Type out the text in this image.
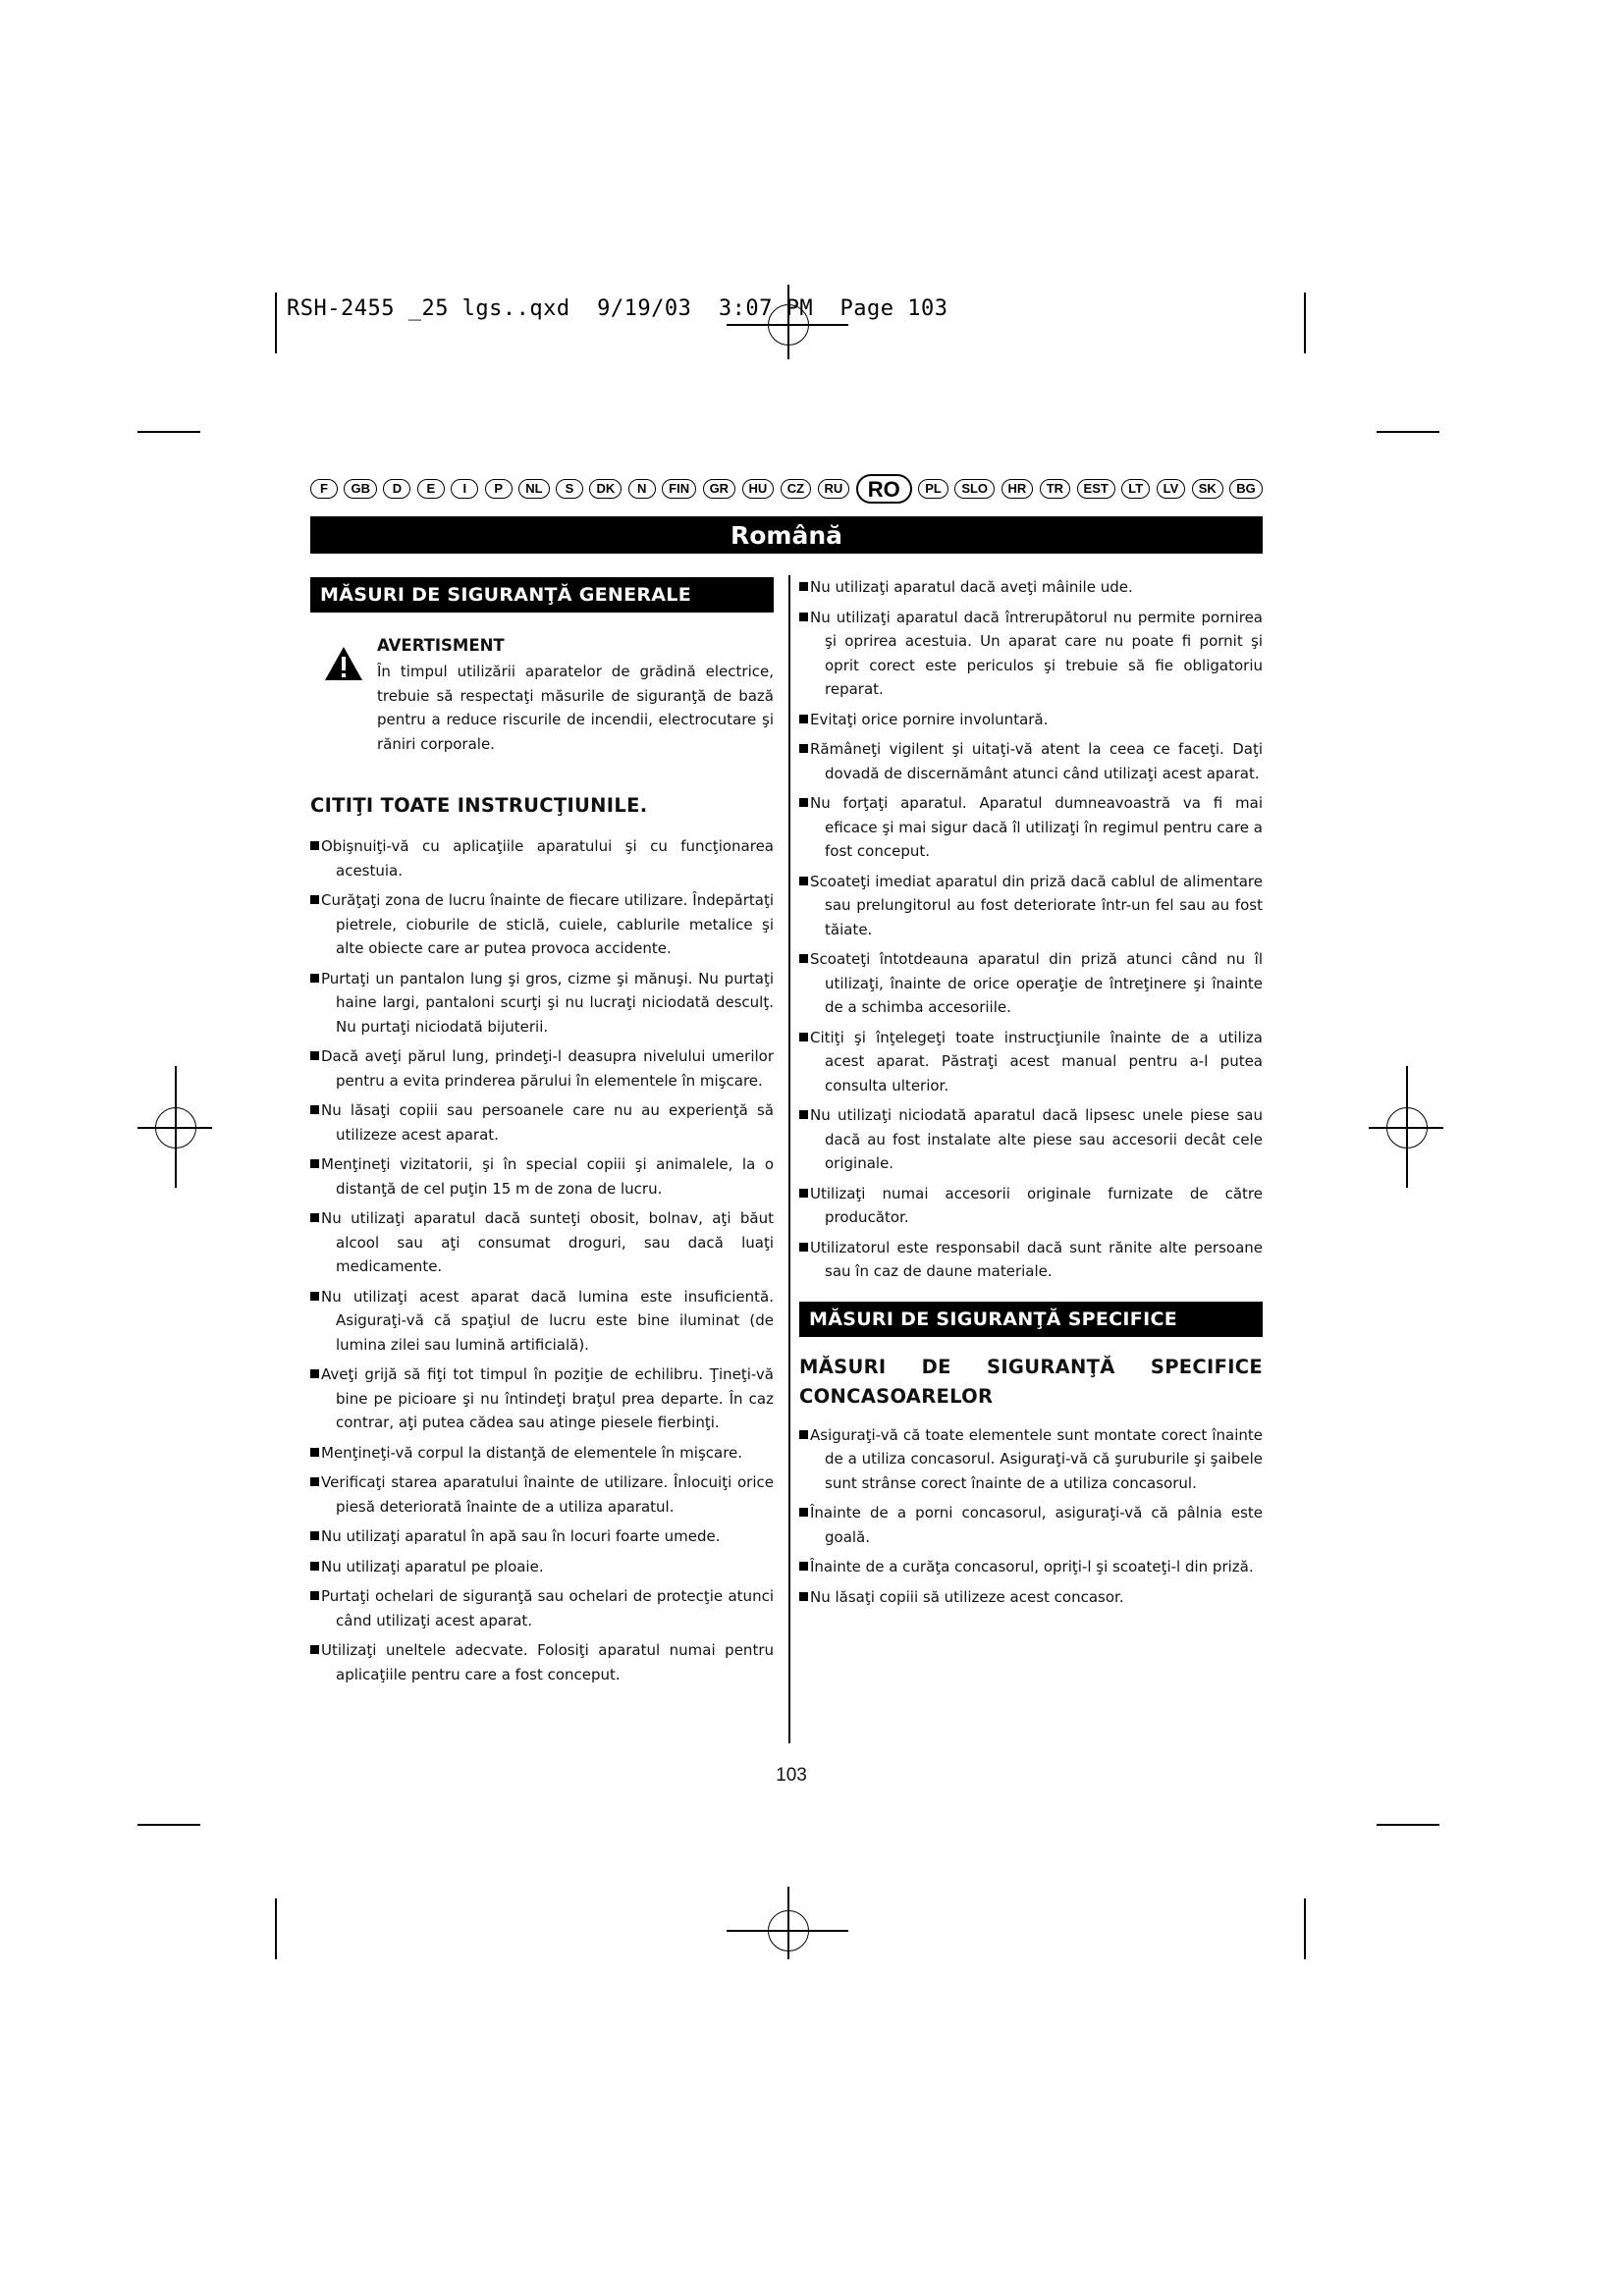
RSH-2455 _25 lgs..qxd  9/19/03  3:07 PM  Page 103
F	GB	D	E	I	P	NL	S	DK	N	FIN	GR	HU	CZ	RU	RO	PL	SLO	HR	TR	EST	LT	LV	SK	BG
Română
MĂSURI DE SIGURANŢĂ GENERALE
AVERTISMENT
În timpul utilizării aparatelor de grădină electrice, trebuie să respectaţi măsurile de siguranţă de bază pentru a reduce riscurile de incendii, electrocutare şi răniri corporale.
CITIŢI TOATE INSTRUCŢIUNILE.
Obişnuiţi-vă cu aplicaţiile aparatului şi cu funcţionarea acestuia.
Curăţaţi zona de lucru înainte de fiecare utilizare. Îndepărtaţi pietrele, cioburile de sticlă, cuiele, cablurile metalice şi alte obiecte care ar putea provoca accidente.
Purtaţi un pantalon lung şi gros, cizme şi mănuşi. Nu purtaţi haine largi, pantaloni scurţi şi nu lucraţi niciodată desculţ. Nu purtaţi niciodată bijuterii.
Dacă aveţi părul lung, prindeţi-l deasupra nivelului umerilor pentru a evita prinderea părului în elementele în mişcare.
Nu lăsaţi copiii sau persoanele care nu au experienţă să utilizeze acest aparat.
Menţineţi vizitatorii, şi în special copiii şi animalele, la o distanţă de cel puţin 15 m de zona de lucru.
Nu utilizaţi aparatul dacă sunteţi obosit, bolnav, aţi băut alcool sau aţi consumat droguri, sau dacă luaţi medicamente.
Nu utilizaţi acest aparat dacă lumina este insuficientă. Asiguraţi-vă că spaţiul de lucru este bine iluminat (de lumina zilei sau lumină artificială).
Aveţi grijă să fiţi tot timpul în poziţie de echilibru. Ţineţi-vă bine pe picioare şi nu întindeţi braţul prea departe. În caz contrar, aţi putea cădea sau atinge piesele fierbinţi.
Menţineţi-vă corpul la distanţă de elementele în mişcare.
Verificaţi starea aparatului înainte de utilizare. Înlocuiţi orice piesă deteriorată înainte de a utiliza aparatul.
Nu utilizaţi aparatul în apă sau în locuri foarte umede.
Nu utilizaţi aparatul pe ploaie.
Purtaţi ochelari de siguranţă sau ochelari de protecţie atunci când utilizaţi acest aparat.
Utilizaţi uneltele adecvate. Folosiţi aparatul numai pentru aplicaţiile pentru care a fost conceput.
Nu utilizaţi aparatul dacă aveţi mâinile ude.
Nu utilizaţi aparatul dacă întrerupătorul nu permite pornirea şi oprirea acestuia. Un aparat care nu poate fi pornit şi oprit corect este periculos şi trebuie să fie obligatoriu reparat.
Evitaţi orice pornire involuntară.
Rămâneţi vigilent şi uitaţi-vă atent la ceea ce faceţi. Daţi dovadă de discernământ atunci când utilizaţi acest aparat.
Nu forţaţi aparatul. Aparatul dumneavoastră va fi mai eficace şi mai sigur dacă îl utilizaţi în regimul pentru care a fost conceput.
Scoateţi imediat aparatul din priză dacă cablul de alimentare sau prelungitorul au fost deteriorate într-un fel sau au fost tăiate.
Scoateţi întotdeauna aparatul din priză atunci când nu îl utilizaţi, înainte de orice operaţie de întreţinere şi înainte de a schimba accesoriile.
Citiţi şi înţelegeţi toate instrucţiunile înainte de a utiliza acest aparat. Păstraţi acest manual pentru a-l putea consulta ulterior.
Nu utilizaţi niciodată aparatul dacă lipsesc unele piese sau dacă au fost instalate alte piese sau accesorii decât cele originale.
Utilizaţi numai accesorii originale furnizate de către producător.
Utilizatorul este responsabil dacă sunt rănite alte persoane sau în caz de daune materiale.
MĂSURI DE SIGURANŢĂ SPECIFICE
MĂSURI DE SIGURANŢĂ SPECIFICE CONCASOARELOR
Asiguraţi-vă că toate elementele sunt montate corect înainte de a utiliza concasorul. Asiguraţi-vă că şuruburile şi şaibele sunt strânse corect înainte de a utiliza concasorul.
Înainte de a porni concasorul, asiguraţi-vă că pâlnia este goală.
Înainte de a curăţa concasorul, opriţi-l şi scoateţi-l din priză.
Nu lăsaţi copiii să utilizeze acest concasor.
103
